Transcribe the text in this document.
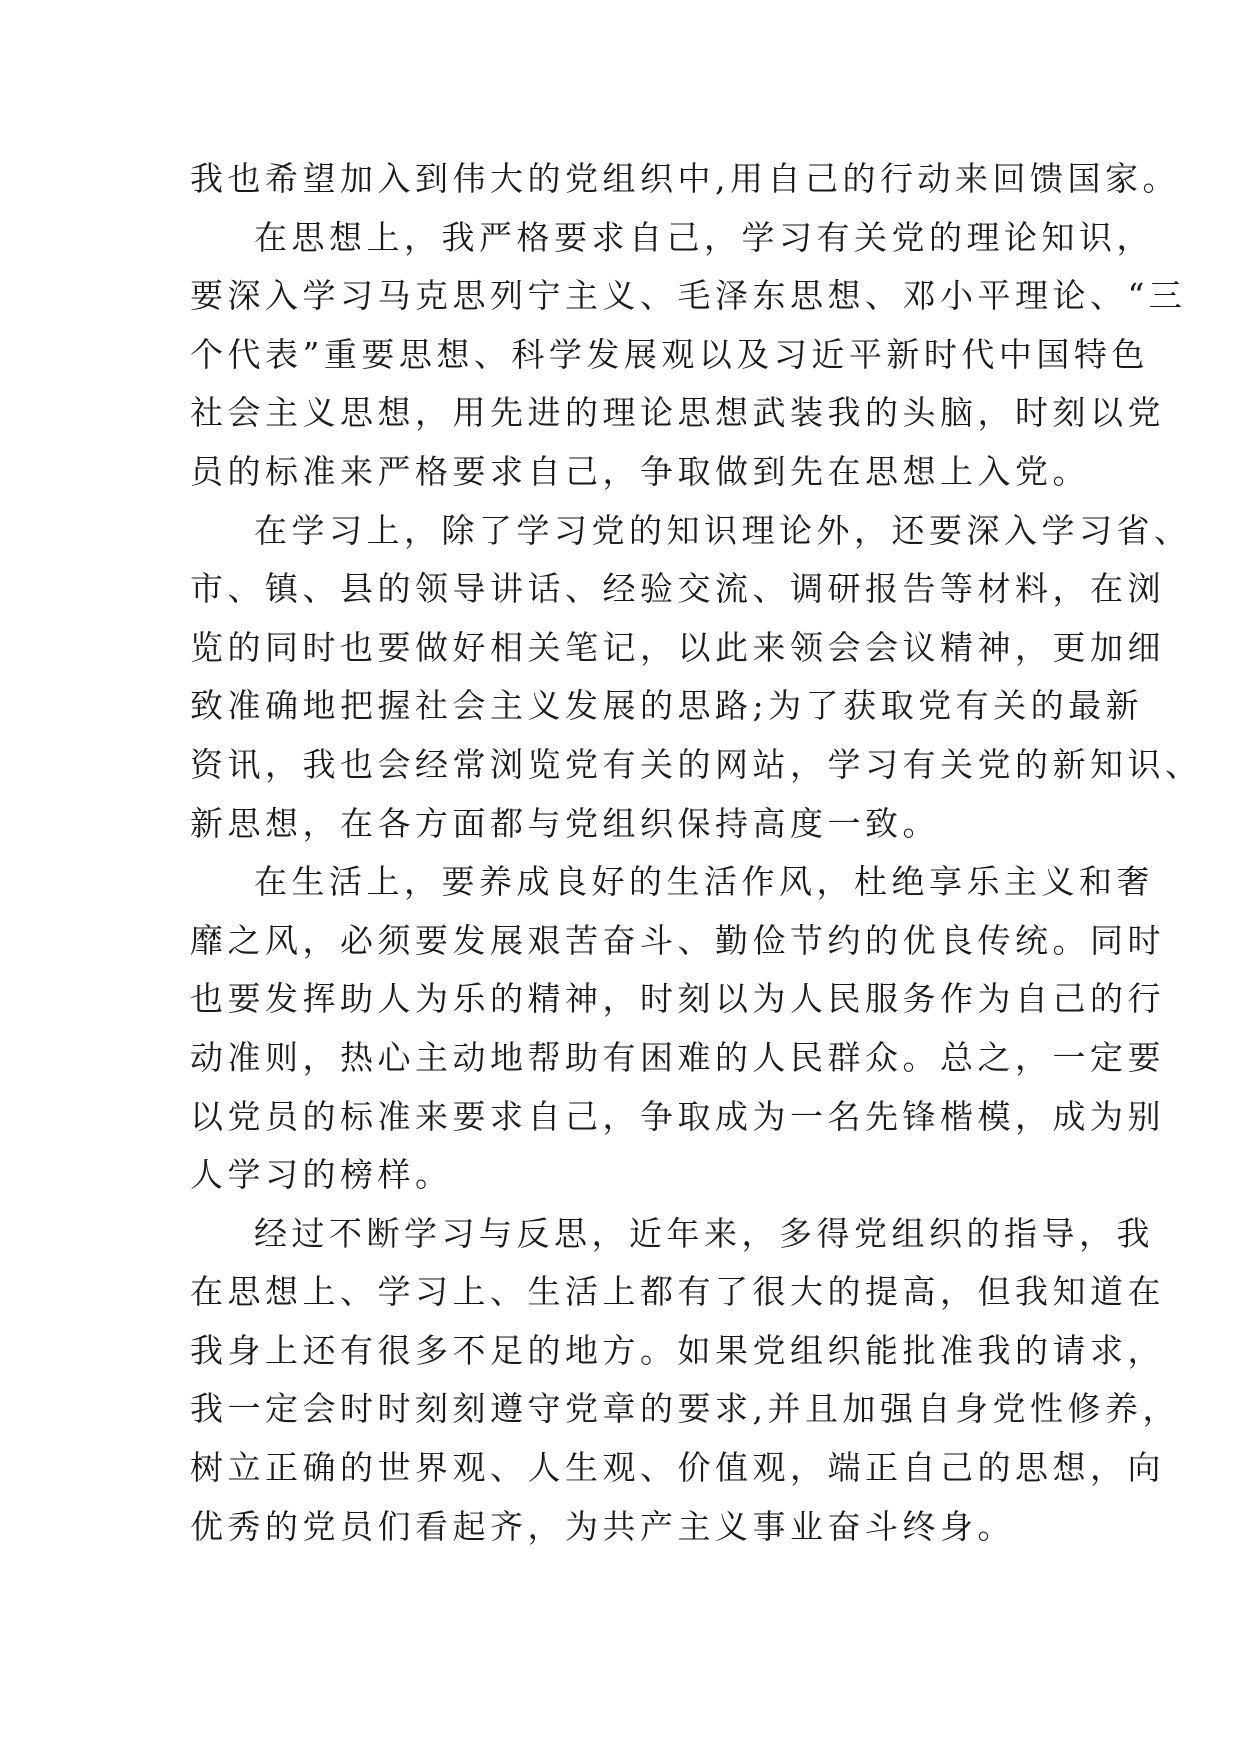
我也希望加入到伟大的党组织中,用自己的行动来回馈国家。
在思想上，我严格要求自己，学习有关党的理论知识，
要深入学习马克思列宁主义、毛泽东思想、邓小平理论、“三
个代表”重要思想、科学发展观以及习近平新时代中国特色
社会主义思想，用先进的理论思想武装我的头脑，时刻以党
员的标准来严格要求自己，争取做到先在思想上入党。
在学习上，除了学习党的知识理论外，还要深入学习省、
市、镇、县的领导讲话、经验交流、调研报告等材料，在浏
览的同时也要做好相关笔记，以此来领会会议精神，更加细
致准确地把握社会主义发展的思路;为了获取党有关的最新
资讯，我也会经常浏览党有关的网站，学习有关党的新知识、
新思想，在各方面都与党组织保持高度一致。
在生活上，要养成良好的生活作风，杜绝享乐主义和奢
靡之风，必须要发展艰苦奋斗、勤俭节约的优良传统。同时
也要发挥助人为乐的精神，时刻以为人民服务作为自己的行
动准则，热心主动地帮助有困难的人民群众。总之，一定要
以党员的标准来要求自己，争取成为一名先锋楷模，成为别
人学习的榜样。
经过不断学习与反思，近年来，多得党组织的指导，我
在思想上、学习上、生活上都有了很大的提高，但我知道在
我身上还有很多不足的地方。如果党组织能批准我的请求，
我一定会时时刻刻遵守党章的要求,并且加强自身党性修养，
树立正确的世界观、人生观、价值观，端正自己的思想，向
优秀的党员们看起齐，为共产主义事业奋斗终身。
